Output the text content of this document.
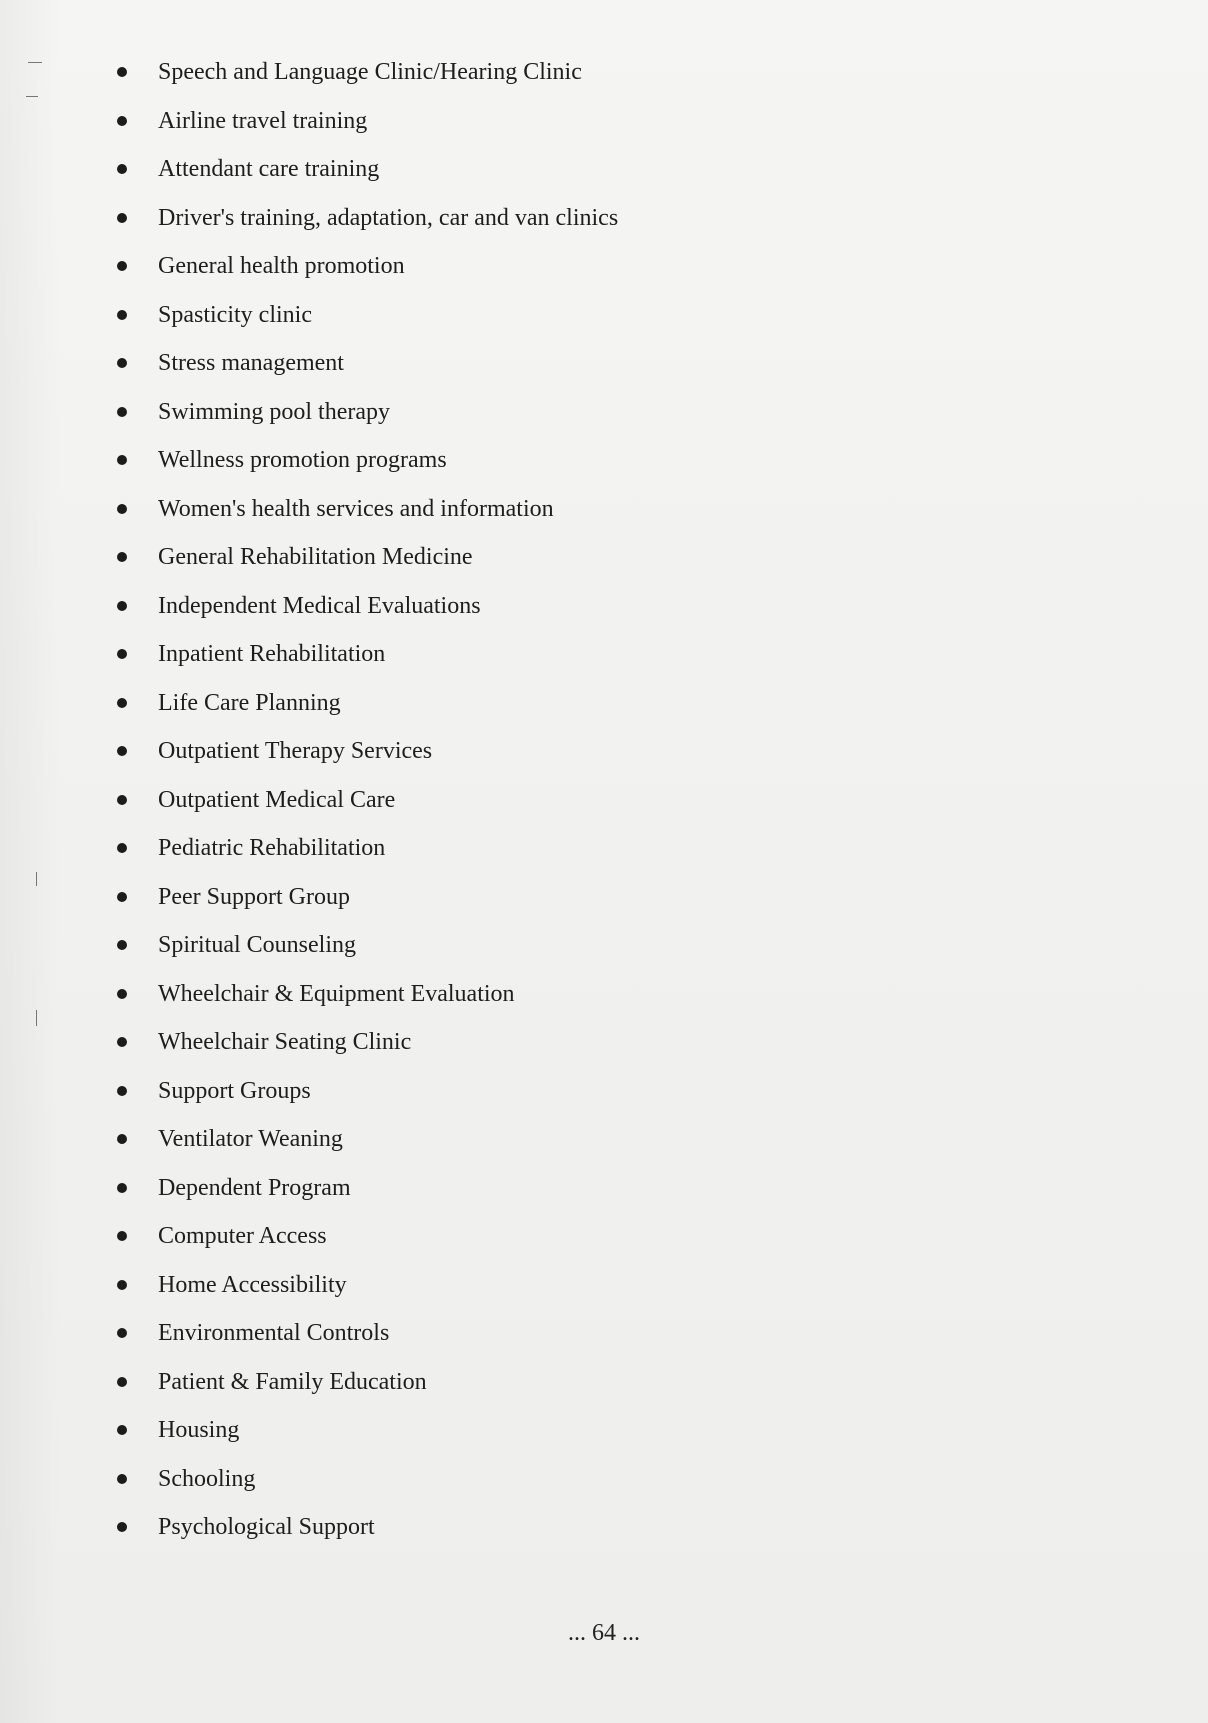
Speech and Language Clinic/Hearing Clinic
Airline travel training
Attendant care training
Driver's training, adaptation, car and van clinics
General health promotion
Spasticity clinic
Stress management
Swimming pool therapy
Wellness promotion programs
Women's health services and information
General Rehabilitation Medicine
Independent Medical Evaluations
Inpatient Rehabilitation
Life Care Planning
Outpatient Therapy Services
Outpatient Medical Care
Pediatric Rehabilitation
Peer Support Group
Spiritual Counseling
Wheelchair & Equipment Evaluation
Wheelchair Seating Clinic
Support Groups
Ventilator Weaning
Dependent Program
Computer Access
Home Accessibility
Environmental Controls
Patient & Family Education
Housing
Schooling
Psychological Support
... 64 ...
